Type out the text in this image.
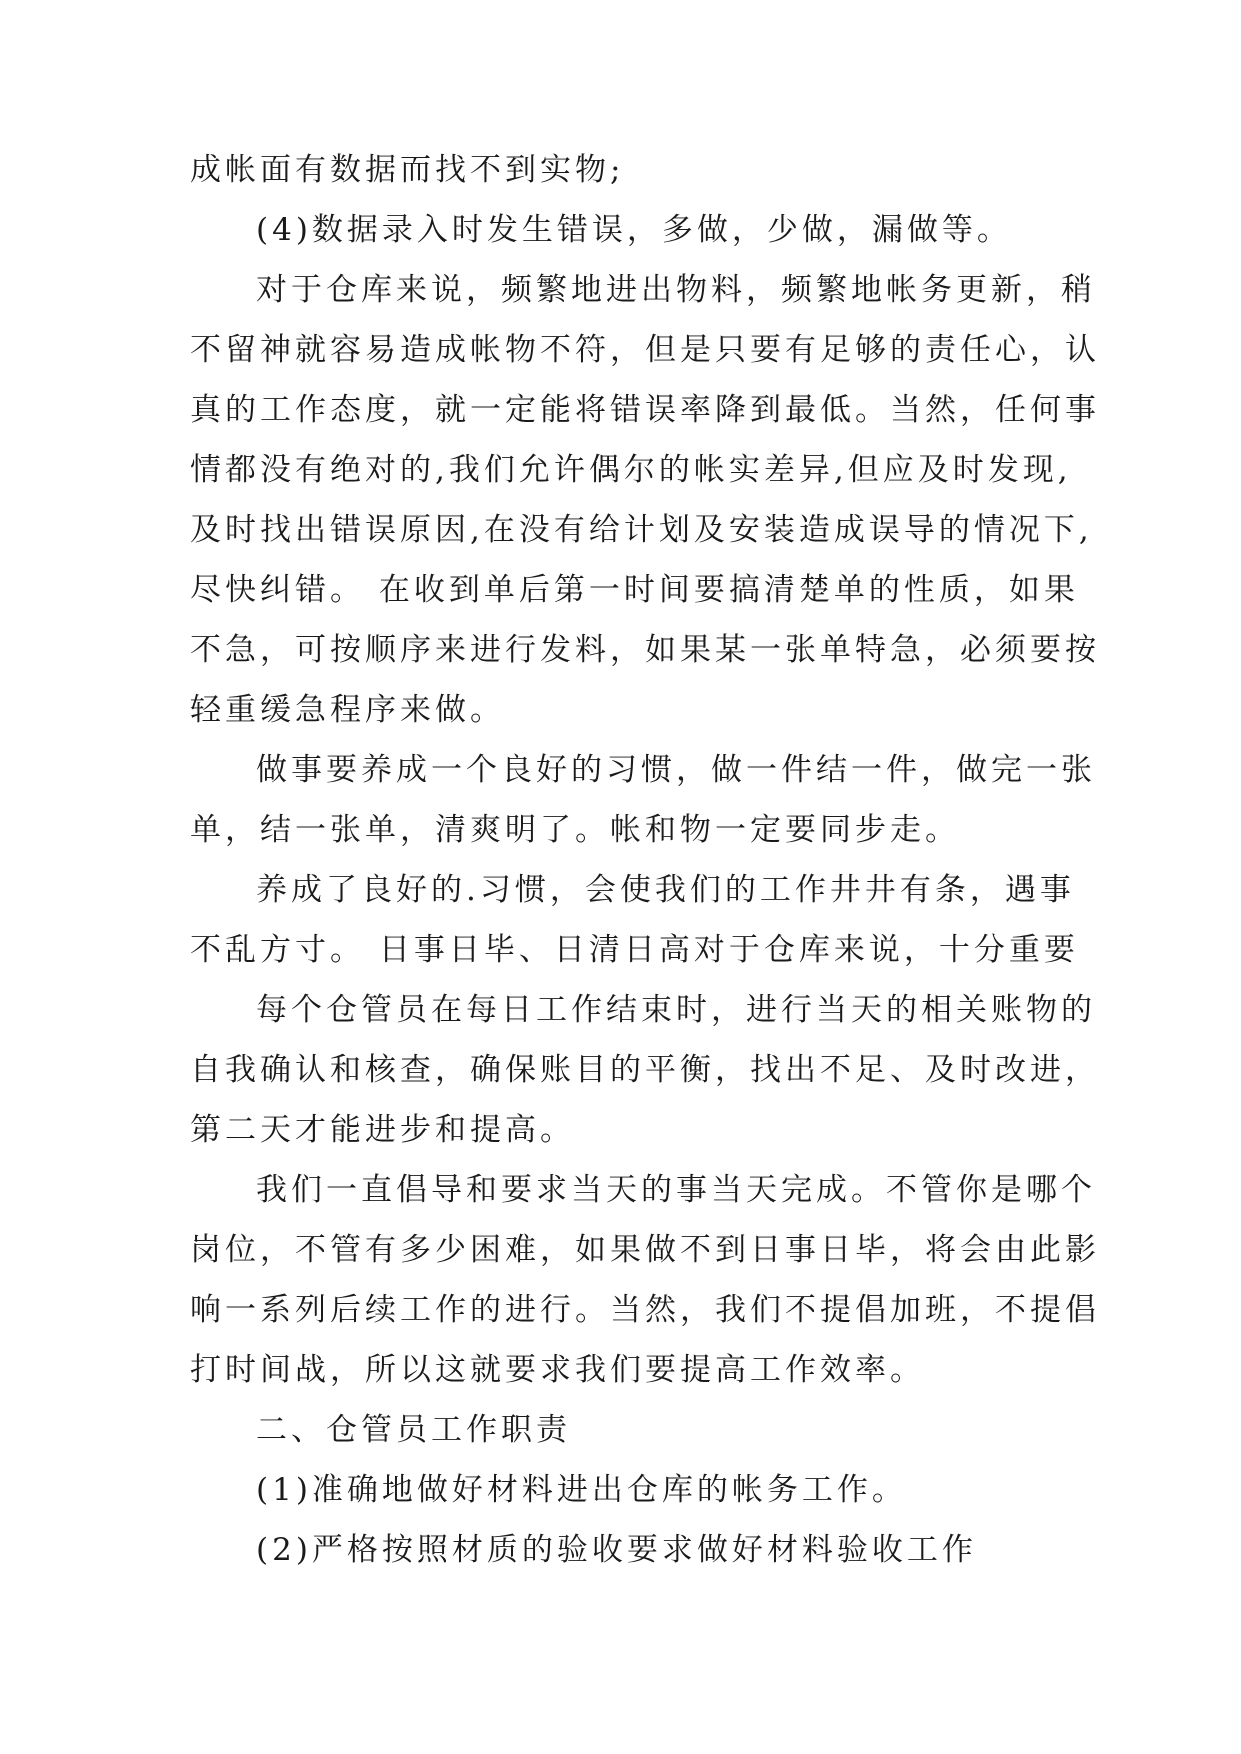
成帐面有数据而找不到实物;
(4)数据录入时发生错误，多做，少做，漏做等。
对于仓库来说，频繁地进出物料，频繁地帐务更新，稍
不留神就容易造成帐物不符，但是只要有足够的责任心，认
真的工作态度，就一定能将错误率降到最低。当然，任何事
情都没有绝对的,我们允许偶尔的帐实差异,但应及时发现,
及时找出错误原因,在没有给计划及安装造成误导的情况下,
尽快纠错。 在收到单后第一时间要搞清楚单的性质，如果
不急，可按顺序来进行发料，如果某一张单特急，必须要按
轻重缓急程序来做。
做事要养成一个良好的习惯，做一件结一件，做完一张
单，结一张单，清爽明了。帐和物一定要同步走。
养成了良好的.习惯，会使我们的工作井井有条，遇事
不乱方寸。 日事日毕、日清日高对于仓库来说，十分重要
每个仓管员在每日工作结束时，进行当天的相关账物的
自我确认和核查，确保账目的平衡，找出不足、及时改进，
第二天才能进步和提高。
我们一直倡导和要求当天的事当天完成。不管你是哪个
岗位，不管有多少困难，如果做不到日事日毕，将会由此影
响一系列后续工作的进行。当然，我们不提倡加班，不提倡
打时间战，所以这就要求我们要提高工作效率。
二、仓管员工作职责
(1)准确地做好材料进出仓库的帐务工作。
(2)严格按照材质的验收要求做好材料验收工作
